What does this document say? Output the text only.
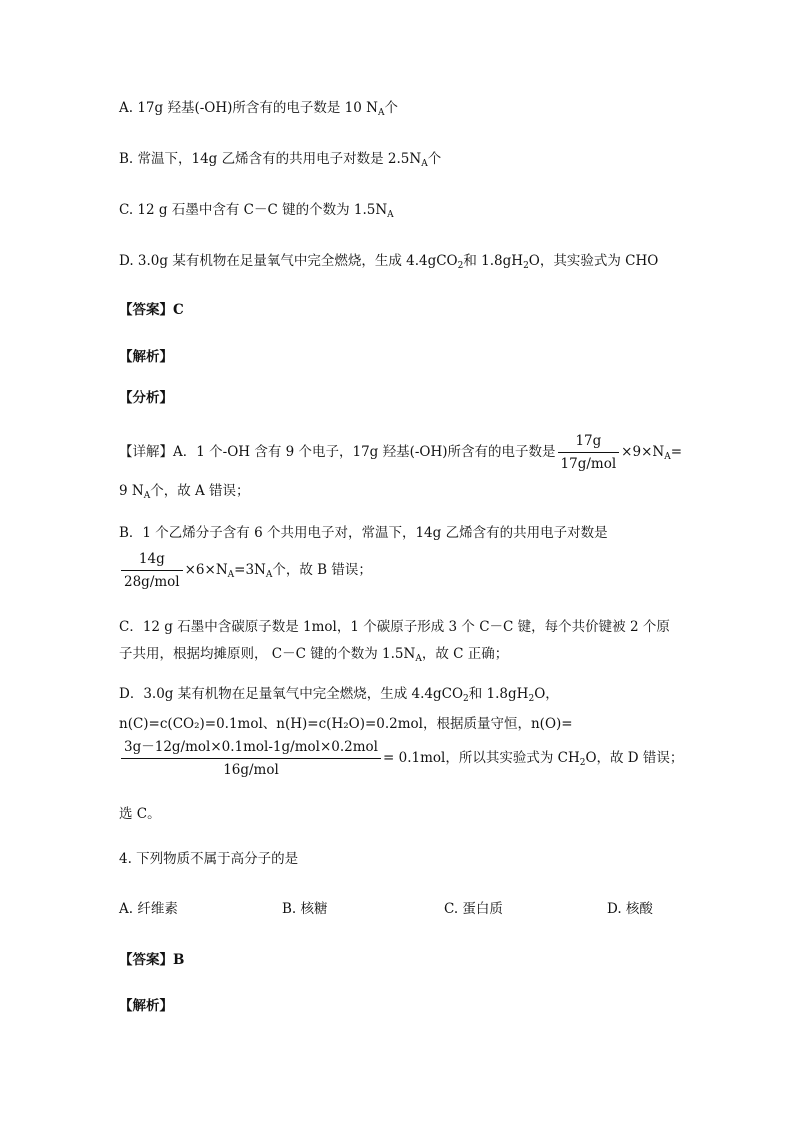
A. 17g 羟基(-OH)所含有的电子数是 10 $N_A$个
B. 常温下，14g 乙烯含有的共用电子对数是 $2.5N_A$个
C. 12 g 石墨中含有 C－C 键的个数为 $1.5N_A$
D. 3.0g 某有机物在足量氧气中完全燃烧，生成 4.4gCO$_2$和 $1.8gH_2O$，其实验式为 CHO
【答案】C
【解析】
【分析】
【详解】A．1 个-OH 含有 9 个电子，17g 羟基(-OH)所含有的电子数是 $\frac{17g}{\text{17g/mol}} \times 9\times N_A=$
9 $N_A$个，故 A 错误；
B．1 个乙烯分子含有 6 个共用电子对，常温下，14g 乙烯含有的共用电子对数是
$\frac{14g}{\text{28g/mol}} \times 6\times N_A=3N_A$个，故 B 错误；
C．12 g 石墨中含碳原子数是 1mol，1 个碳原子形成 3 个 C－C 键，每个共价键被 2 个原
子共用，根据均摊原则， C－C 键的个数为 $1.5N_A$，故 C 正确；
D．3.0g 某有机物在足量氧气中完全燃烧，生成 4.4gCO$_2$和 $1.8gH_2O$，
n(C)=c(CO₂)=0.1mol、n(H)=c(H₂O)=0.2mol，根据质量守恒，n(O)=
$\frac{\text{3g－12g/mol×0.1mol-1g/mol×0.2mol}}{\text{16g/mol}} = 0.1mol$，所以其实验式为 $CH_2O$，故 D 错误；
选 C。
4. 下列物质不属于高分子的是
A. 纤维素	B. 核糖	C. 蛋白质	D. 核酸
【答案】B
【解析】
